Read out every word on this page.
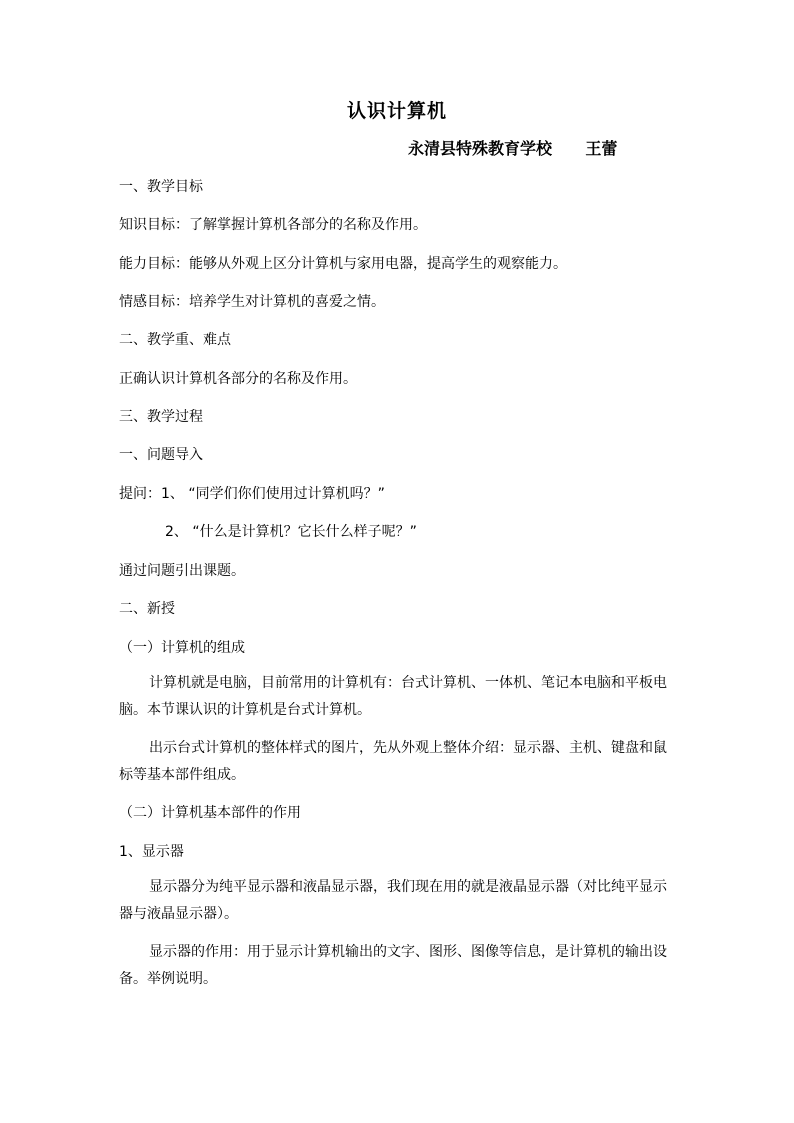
认识计算机
永清县特殊教育学校      王蕾
一、教学目标
知识目标：了解掌握计算机各部分的名称及作用。
能力目标：能够从外观上区分计算机与家用电器，提高学生的观察能力。
情感目标：培养学生对计算机的喜爱之情。
二、教学重、难点
正确认识计算机各部分的名称及作用。
三、教学过程
一、问题导入
提问：1、 “同学们你们使用过计算机吗？”
2、 “什么是计算机？它长什么样子呢？”
通过问题引出课题。
二、新授
（一）计算机的组成
计算机就是电脑，目前常用的计算机有：台式计算机、一体机、笔记本电脑和平板电脑。本节课认识的计算机是台式计算机。
出示台式计算机的整体样式的图片，先从外观上整体介绍：显示器、主机、键盘和鼠标等基本部件组成。
（二）计算机基本部件的作用
1、显示器
显示器分为纯平显示器和液晶显示器，我们现在用的就是液晶显示器（对比纯平显示器与液晶显示器）。
显示器的作用：用于显示计算机输出的文字、图形、图像等信息，是计算机的输出设备。举例说明。
